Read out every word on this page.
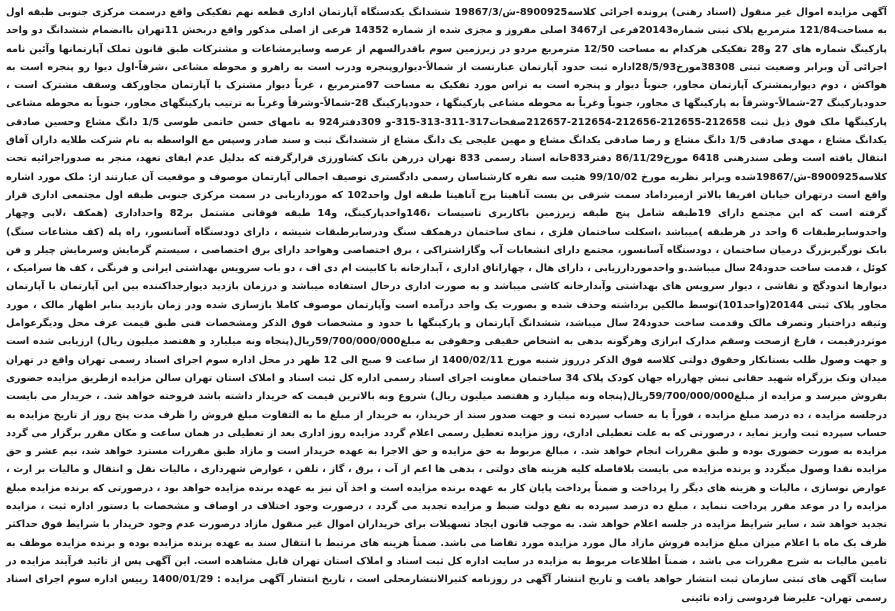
آگهی مزایده اموال غیر منقول (اسناد رهنی) پرونده اجرائی کلاسه8900925-ش/19867/3 ششدانگ یکدستگاه آپارتمان اداری قطعه نهم تفکیکی واقع درسمت مرکزی جنوبی طبقه اول به مساحت121/84 مترمربع پلاک ثبتی شماره20143فرعی از3467 اصلی مفروز و مجزی شده از شماره 14352 فرعی از اصلی مذکور واقع دربخش 11تهران باانضمام ششدانگ دو واحد پارکینگ شماره های 27 و28 تفکیکی هرکدام به مساحت 12/50 مترمربع مردو در زیرزمین سوم باقدرالسهم از عرصه وسایرمشاعات و مشترکات طبق قانون تملک آپارتمانها وآئین نامه اجرائی آن وبرابر وضعیت ثبتی 38308مورخ28/5/93اداره ثبت حدود آپارتمان عبارتست از شمالاً-دیواروپنجره ودرب است به راهرو و محوطه مشاعی ،شرقاً-اول دیوا رو پنجره است به هواکش ، دوم دیواربمشترک آپارتمان مجاور، جنوباً دیوار و پنجره است به تراس مورد تفکیک به مساحت 97مترمربع ، غرباً دیوار مشترک با آپارتمان مجاورکف وسقف مشترک است ، حدودپارکینگ 27-شمالاً-وشرقاً به پارکینگها ی مجاور، جنوباً وغرباً به محوطه مشاعی پارکینگها ، حدودپارکینگ 28-شمالاً-وشرقاً وغرباً به ترتیب پارکینگهای مجاور، جنوباً به محوطه مشاعی پارکینگها ملک فوق ذیل ثبت 212658-212655-212656-212654-212657صفحات317-311-313-315-و 309دفتر924 به نامهای حسن خاتمی طوسی 1/5 دانگ مشاع وحسین صادقی یکدانگ مشاع ، مهدی صادقی 1/5 دانگ مشاع و رضا صادقی یکدانگ مشاع و مهین علیجی یک دانگ مشاع از ششدانگ ثبت و سند صادر وسپس مع الواسطه به نام شرکت طلایه داران آفاق انتقال یافته است وطی سندرهنی 6418 مورخ86/11/29 دفتر833خانه اسناد رسمی 833 تهران دررهن بانک کشاورزی قرارگرفته که بدلیل عدم ایفای تعهد، منجر به صدوراجرائیه تحت کلاسه8900925-ش/19867شده وبرابر نظریه مورخ 99/10/02 هئیت سه نفره کارشناسان رسمی دادگستری توصیف اجمالی آپارتمان موصوف و موقعیت آن عبارتند از: ملک مورد اشاره واقع است درتهران خیابان افریقا بالاتر ازمیرداماد سمت شرقی بن بست آناهیتا برج آناهیتا طبقه اول واحد102 که مورداریابی در سمت مرکزی جنوبی طبقه اول مجتمعی اداری قرار گرفته است که این مجتمع دارای 19طبقه شامل پنج طبقه زیرزمین باکاربری تاسیسات ،146واحدپارکینگ، و14 طبقه فوقانی مشتمل بر82 واحداداری (همکف ،لابی وچهار واحدوسایرطبقات 6 واحد در هرطبقه )میباشد ،اسکلت ساختمان فلزی ، نمای ساختمان درهمکف سنگ ودرسایرطبقات شیشه ، دارای دودستگاه آسانسور، راه پله (کف مشاعات سنگ) بابک نورگیربزرگ درمیان ساختمان ، دودستگاه آسانسور، مجتمع دارای انشعابات آب وگازاشتراکی ، برق اختصاصی وهواحد دارای برق اختصاصی ، سیستم گرمایش وسرمایش چیلر و فن کوئل ، قدمت ساخت حدود24 سال میباشد.و واحدموردارزیابی ، دارای هال ، چهاراتاق اداری ، آبدارخانه با کابینت ام دی اف ، دو باب سرویس بهداشتی ایرانی و فرنگی ، کف ها سرامیک ، دیوارها اندودگچ و نقاشی ، دیوار سرویس های بهداشتی وآبدارخانه کاشی میباشد و به صورت اداری درحال استفاده میباشد و درزمان بازدید دیوارجداکننده بین این آپارتمان با آپارتمان مجاور پلاک ثبتی 20144(واحد101)توسط مالکین برداشته وحذف شده و بصورت یک واحد درآمده است وآپارتمان موصوف کاملا بازسازی شده ودر زمان بازدید بنابر اظهار مالک ، مورد وثیقه دراختیار وتصرف مالک وقدمت ساخت حدود24 سال میباشد، ششدانگ آپارتمان و پارکینگها با حدود و مشخصات فوق الذکر ومشخصات فنی طبق قیمت عرف محل ودیگرعوامل موثردرقیمت ، فارغ ازصحت وسقم مدارک ابرازی وهرگونه بدهی به اشخاص حقیقی وحقوقی به مبلغ59/700/000/000ریال(پنجاه ونه میلیارد و هفتصد میلیون ریال) ارزیابی شده است و جهت وصول طلب بستانکار وحقوق دولتی کلاسه فوق الذکر درروز شنبه مورخ 1400/02/11 از ساعت 9 صبح الی 12 ظهر در محل اداره سوم اجرای اسناد رسمی تهران واقع در تهران میدان ونک بزرگراه شهید حقانی نبش چهارراه جهان کودک پلاک 34 ساختمان معاونت اجرای اسناد رسمی اداره کل ثبت اسناد و املاک استان تهران سالن مزایده ازطریق مزایده حضوری بفروش میرسد و مزایده از مبلغ59/700/000/000ریال(پنجاه ونه میلیارد و هفتصد میلیون ریال) شروع وبه بالاترین قیمت که خریدار داشته باشد فروخته خواهد شد. ، خریدار می بایست درجلسه مزایده ، ده درصد مبلغ مزایده ، فوراً یا به حساب سپرده ثبت و جهت صدور سند از خریدار، به خریدار از مبلغ ما به التفاوت مبلغ فروش را ظرف مدت پنج روز از تاریخ مزایده به حساب سپرده ثبت واریز نماید ، درصورتی که به علت تعطیلی اداری، روز مزایده تعطیل رسمی اعلام گردد مزایده روز اداری بعد از تعطیلی در همان ساعت و مکان مقرر برگزار می گردد مزایده به صورت حضوری بوده و طبق مقررات انجام خواهد شد. ، مبالغ مربوط به حق مزایده و حق الاجرا به عهده خریدار است و مازاد طبق مقررات مسترد خواهد شد، نیم عشر و حق مزایده نقدا وصول میگردد و برنده مزایده می بایست بلافاصله کلیه هزینه های دولتی ، بدهی ها اعم از آب ، برق ، گاز ، تلفن ، عوارض شهرداری ، مالیات نقل و انتقال و مالیات بر ارث ، عوارض نوسازی ، مالیات و هزینه های دیگر را پرداخت و ضمناً پرداخت پایان کار به عهده برنده مزایده است و اخذ آن نیز به عهده برنده مزایده خواهد بود ، درصورتی که برنده مزایده مبلغ مزایده را در موعد مقرر پرداخت ننماید ، مبلغ ده درصد سپرده به نفع دولت ضبط و مزایده تجدید می گردد ، درصورت وجود اختلاف در اوصاف و مشخصات با دستور اداره ثبت ، مزایده تجدید خواهد شد ، سایر شرایط مزایده در جلسه اعلام خواهد شد. به موجب قانون ایجاد تسهیلات برای خریداران اموال غیر منقول مازاد درصورت عدم وجود خریدار با شرایط فوق حداکثر ظرف یک ماه با اعلام میزان مبلغ مزایده فروش مازاد مال مورد مزایده مورد تقاضا می باشد. ضمناً هزینه های مرتبط با انتقال سند به عهده برنده مزایده بوده و برنده مزایده موظف به تامین مالیات به شرح مقررات می باشد ، ضمناً اطلاعات مربوط به مزایده در سایت اداره کل ثبت اسناد و املاک استان تهران قابل مشاهده است. این آگهی پس از تائید فرآیند مزایده در سایت آگهی های ثبتی سازمان ثبت انتشار خواهد یافت و تاریخ انتشار آگهی در روزنامه کثیرالانتشارمحلی است ، تاریخ انتشار آگهی مزایده : 1400/01/29 رییس اداره سوم اجرای اسناد رسمی تهران- علیرضا فردوسی زاده نائینی
